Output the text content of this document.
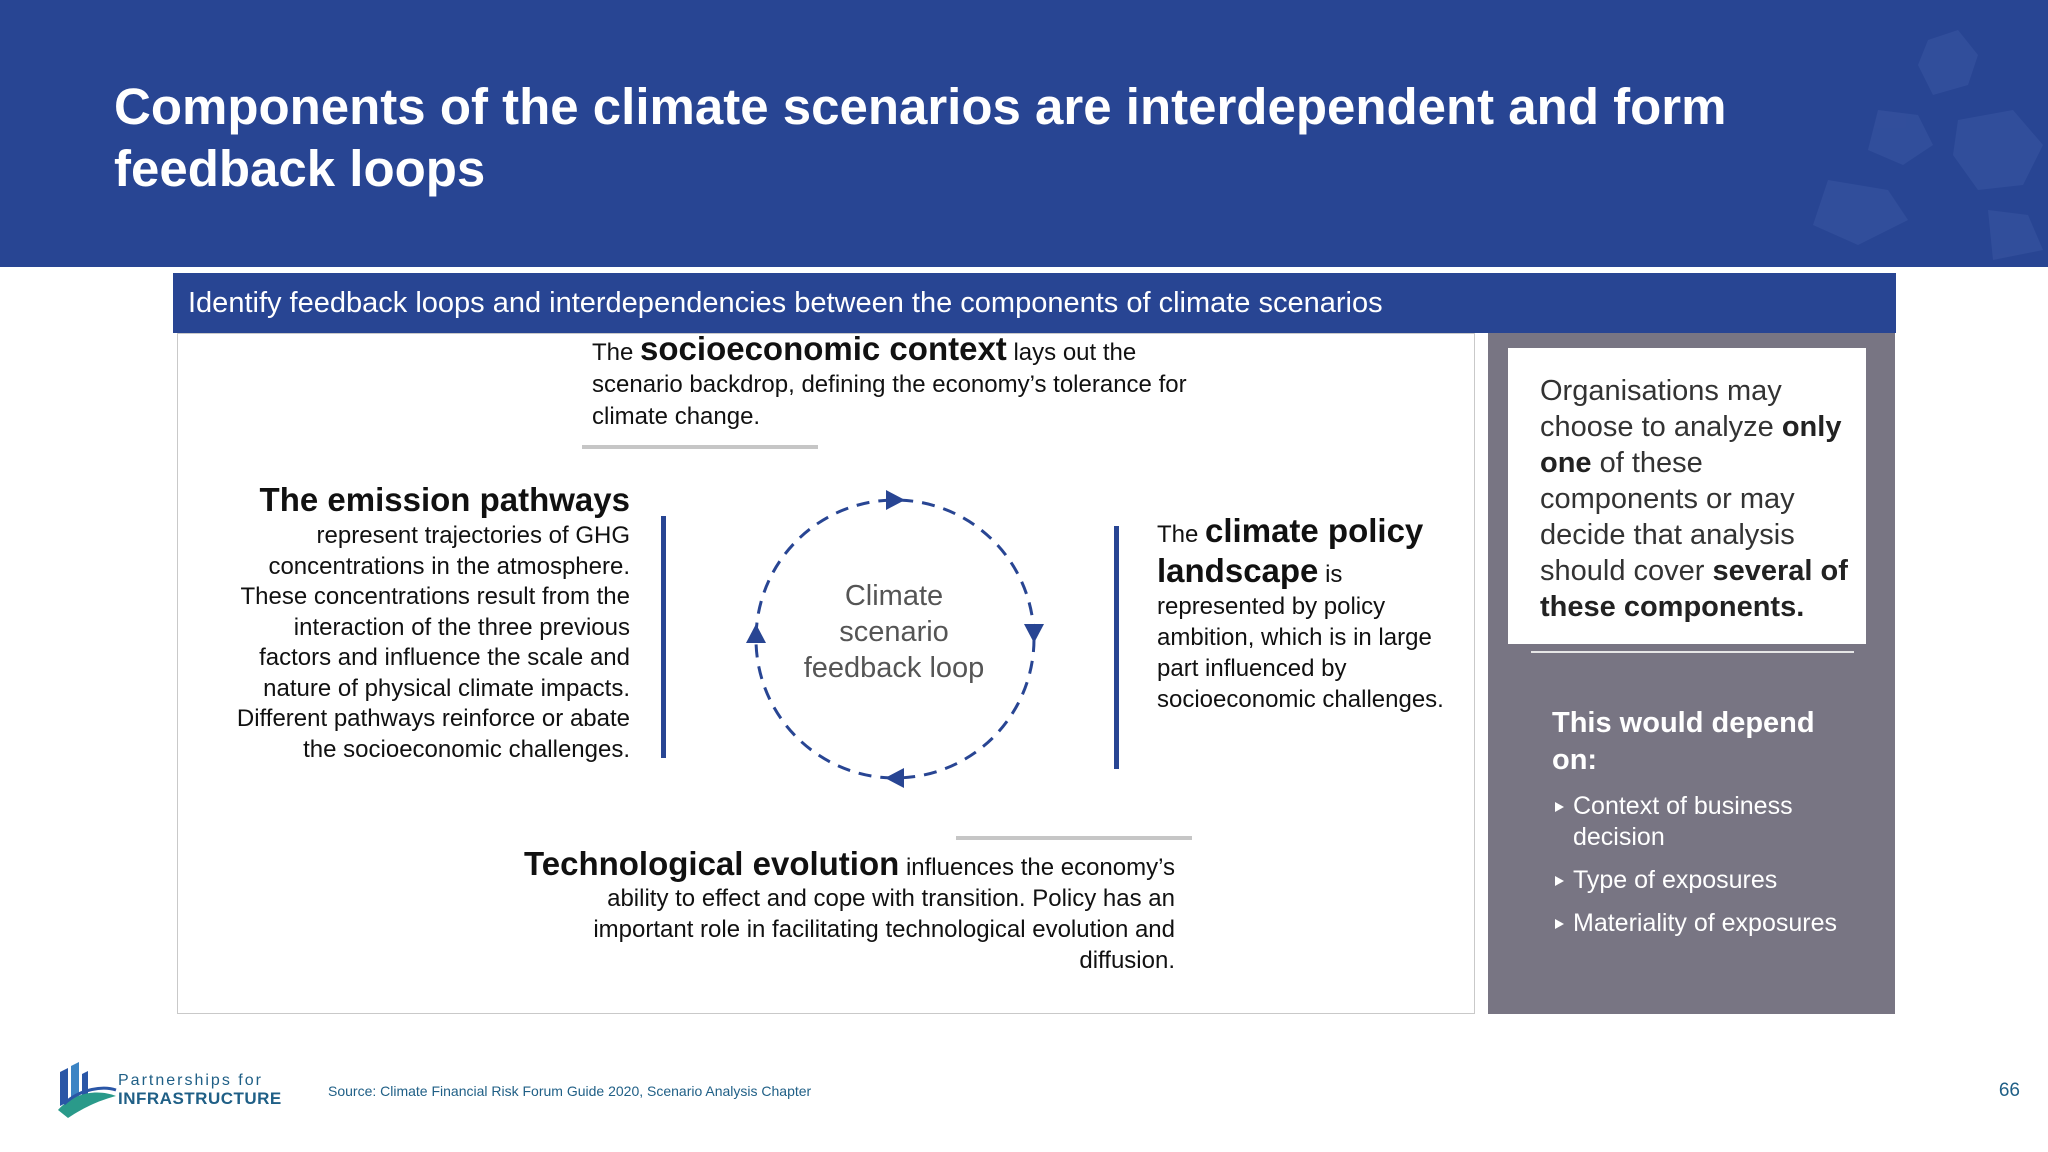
Components of the climate scenarios are interdependent and form feedback loops
Identify feedback loops and interdependencies between the components of climate scenarios
The socioeconomic context lays out the scenario backdrop, defining the economy’s tolerance for climate change.
The emission pathways
represent trajectories of GHG concentrations in the atmosphere. These concentrations result from the interaction of the three previous factors and influence the scale and nature of physical climate impacts. Different pathways reinforce or abate the socioeconomic challenges.
The climate policy landscape is represented by policy ambition, which is in large part influenced by socioeconomic challenges.
Climate scenario feedback loop
Technological evolution influences the economy’s ability to effect and cope with transition. Policy has an important role in facilitating technological evolution and diffusion.
Organisations may choose to analyze only one of these components or may decide that analysis should cover several of these components.
This would depend on:
Context of business decision
Type of exposures
Materiality of exposures
Partnerships for
INFRASTRUCTURE	Source: Climate Financial Risk Forum Guide 2020, Scenario Analysis Chapter	66
